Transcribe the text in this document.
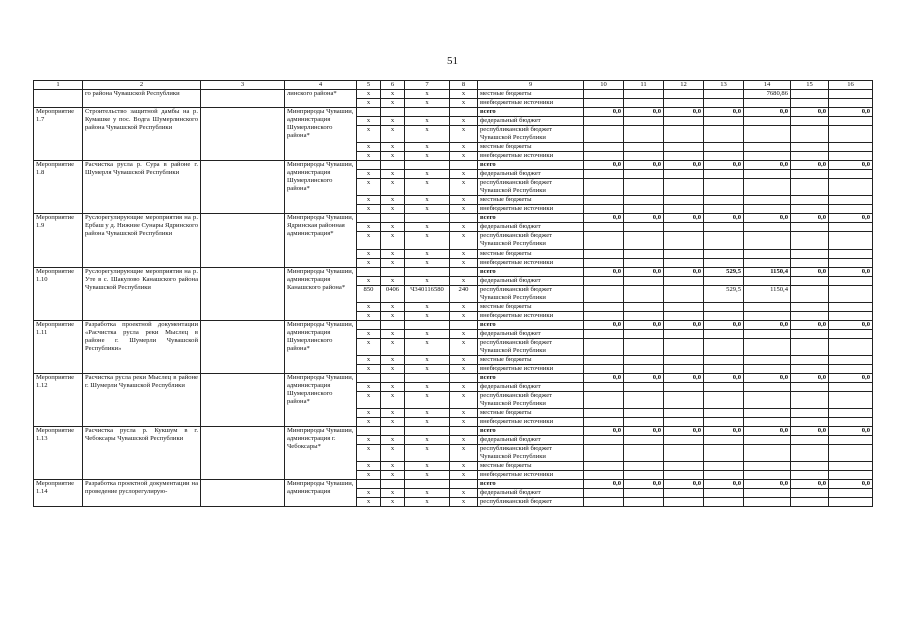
51
1	2	3	4	5	6	7	8	9	10	11	12	13	14	15	16
	го района Чувашской Республики		линского района*	x	x	x	x	местные бюджеты					7680,86		
				x	x	x	x	внебюджетные источники							
Мероприятие 1.7	Строительство защитной дамбы на р. Кумашке у пос. Водга Шумерлинского района Чувашской Республики		Минприроды Чувашии, администрация Шумерлинского района*					всего	0,0	0,0	0,0	0,0	0,0	0,0	0,0
				x	x	x	x	федеральный бюджет							
				x	x	x	x	республиканский бюджет Чувашской Республики							
				x	x	x	x	местные бюджеты							
				x	x	x	x	внебюджетные источники							
Мероприятие 1.8	Расчистка русла р. Сура в районе г. Шумерля Чувашской Республики		Минприроды Чувашии, администрация Шумерлинского района*					всего	0,0	0,0	0,0	0,0	0,0	0,0	0,0
				x	x	x	x	федеральный бюджет							
				x	x	x	x	республиканский бюджет Чувашской Республики							
				x	x	x	x	местные бюджеты							
				x	x	x	x	внебюджетные источники							
Мероприятие 1.9	Руслорегулирующие мероприятия на р. Ербаш у д. Нижние Сунары Ядринского района Чувашской Республики		Минприроды Чувашии, Ядринская районная администрация*					всего	0,0	0,0	0,0	0,0	0,0	0,0	0,0
				x	x	x	x	федеральный бюджет							
				x	x	x	x	республиканский бюджет Чувашской Республики							
				x	x	x	x	местные бюджеты							
				x	x	x	x	внебюджетные источники							
Мероприятие 1.10	Руслорегулирующие мероприятия на р. Уте в с. Шакулово Канашского района Чувашской Республики		Минприроды Чувашии, администрация Канашского района*					всего	0,0	0,0	0,0	529,5	1150,4	0,0	0,0
				x	x	x	x	федеральный бюджет							
				850	0406	Ч340116580	240	республиканский бюджет Чувашской Республики				529,5	1150,4		
				x	x	x	x	местные бюджеты							
				x	x	x	x	внебюджетные источники							
Мероприятие 1.11	Разработка проектной документации «Расчистка русла реки Мыслец в районе г. Шумерли Чувашской Республики»		Минприроды Чувашии, администрация Шумерлинского района*					всего	0,0	0,0	0,0	0,0	0,0	0,0	0,0
				x	x	x	x	федеральный бюджет							
				x	x	x	x	республиканский бюджет Чувашской Республики							
				x	x	x	x	местные бюджеты							
				x	x	x	x	внебюджетные источники							
Мероприятие 1.12	Расчистка русла реки Мыслец в районе г. Шумерли Чувашской Республики		Минприроды Чувашии, администрация Шумерлинского района*					всего	0,0	0,0	0,0	0,0	0,0	0,0	0,0
				x	x	x	x	федеральный бюджет							
				x	x	x	x	республиканский бюджет Чувашской Республики							
				x	x	x	x	местные бюджеты							
				x	x	x	x	внебюджетные источники							
Мероприятие 1.13	Расчистка русла р. Кукшум в г. Чебоксары Чувашской Республики		Минприроды Чувашии, администрация г. Чебоксары*					всего	0,0	0,0	0,0	0,0	0,0	0,0	0,0
				x	x	x	x	федеральный бюджет							
				x	x	x	x	республиканский бюджет Чувашской Республики							
				x	x	x	x	местные бюджеты							
				x	x	x	x	внебюджетные источники							
Мероприятие 1.14	Разработка проектной документации на проведение руслорегулирую-		Минприроды Чувашии, администрация					всего	0,0	0,0	0,0	0,0	0,0	0,0	0,0
				x	x	x	x	федеральный бюджет							
				x	x	x	x	республиканский бюджет							
